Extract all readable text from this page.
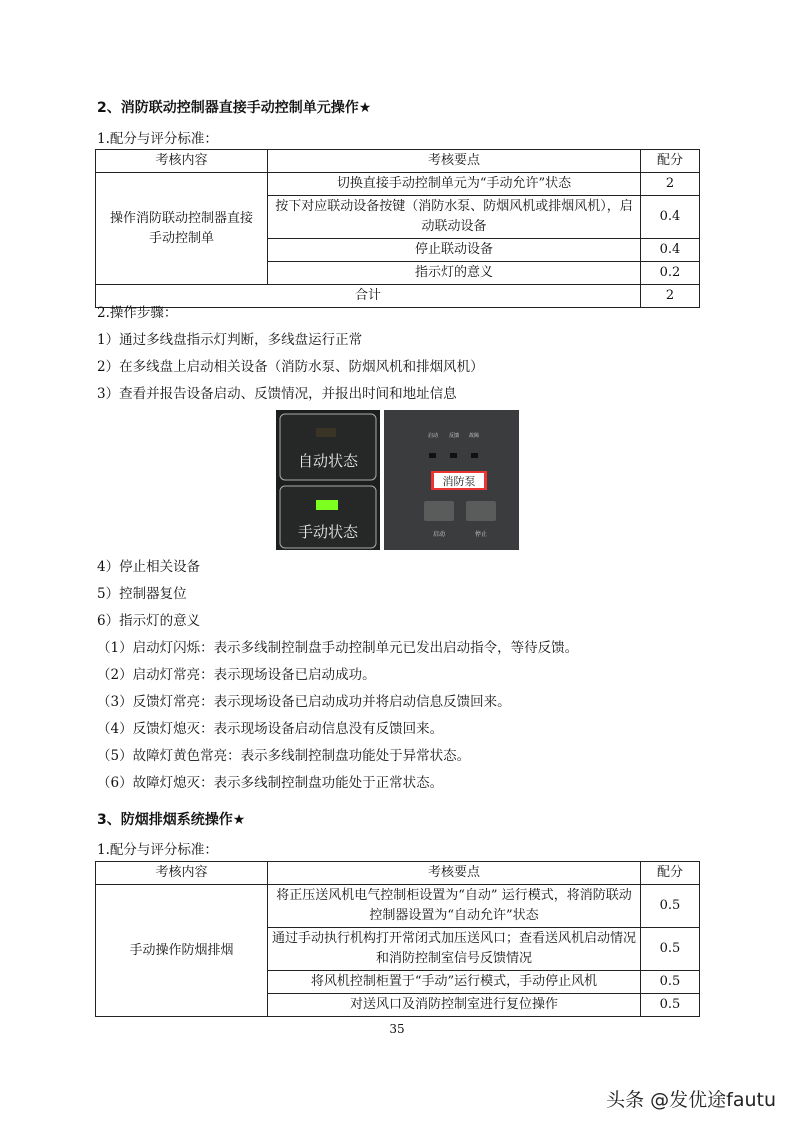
2、消防联动控制器直接手动控制单元操作★
1.配分与评分标准：
考核内容	考核要点	配分
操作消防联动控制器直接手动控制单	切换直接手动控制单元为“手动允许”状态	2
	按下对应联动设备按键（消防水泵、防烟风机或排烟风机），启动联动设备	0.4
	停止联动设备	0.4
	指示灯的意义	0.2
合计		2
2.操作步骤：
1）通过多线盘指示灯判断，多线盘运行正常
2）在多线盘上启动相关设备（消防水泵、防烟风机和排烟风机）
3）查看并报告设备启动、反馈情况，并报出时间和地址信息
自动状态
手动状态
启动 反馈 故障
消防泵
启动	停止
4）停止相关设备
5）控制器复位
6）指示灯的意义
（1）启动灯闪烁：表示多线制控制盘手动控制单元已发出启动指令，等待反馈。
（2）启动灯常亮：表示现场设备已启动成功。
（3）反馈灯常亮：表示现场设备已启动成功并将启动信息反馈回来。
（4）反馈灯熄灭：表示现场设备启动信息没有反馈回来。
（5）故障灯黄色常亮：表示多线制控制盘功能处于异常状态。
（6）故障灯熄灭：表示多线制控制盘功能处于正常状态。
3、防烟排烟系统操作★
1.配分与评分标准：
考核内容	考核要点	配分
手动操作防烟排烟	将正压送风机电气控制柜设置为“自动” 运行模式，将消防联动控制器设置为“自动允许”状态	0.5
	通过手动执行机构打开常闭式加压送风口；查看送风机启动情况和消防控制室信号反馈情况	0.5
	将风机控制柜置于“手动”运行模式，手动停止风机	0.5
	对送风口及消防控制室进行复位操作	0.5
35
头条 @发优途fautu
